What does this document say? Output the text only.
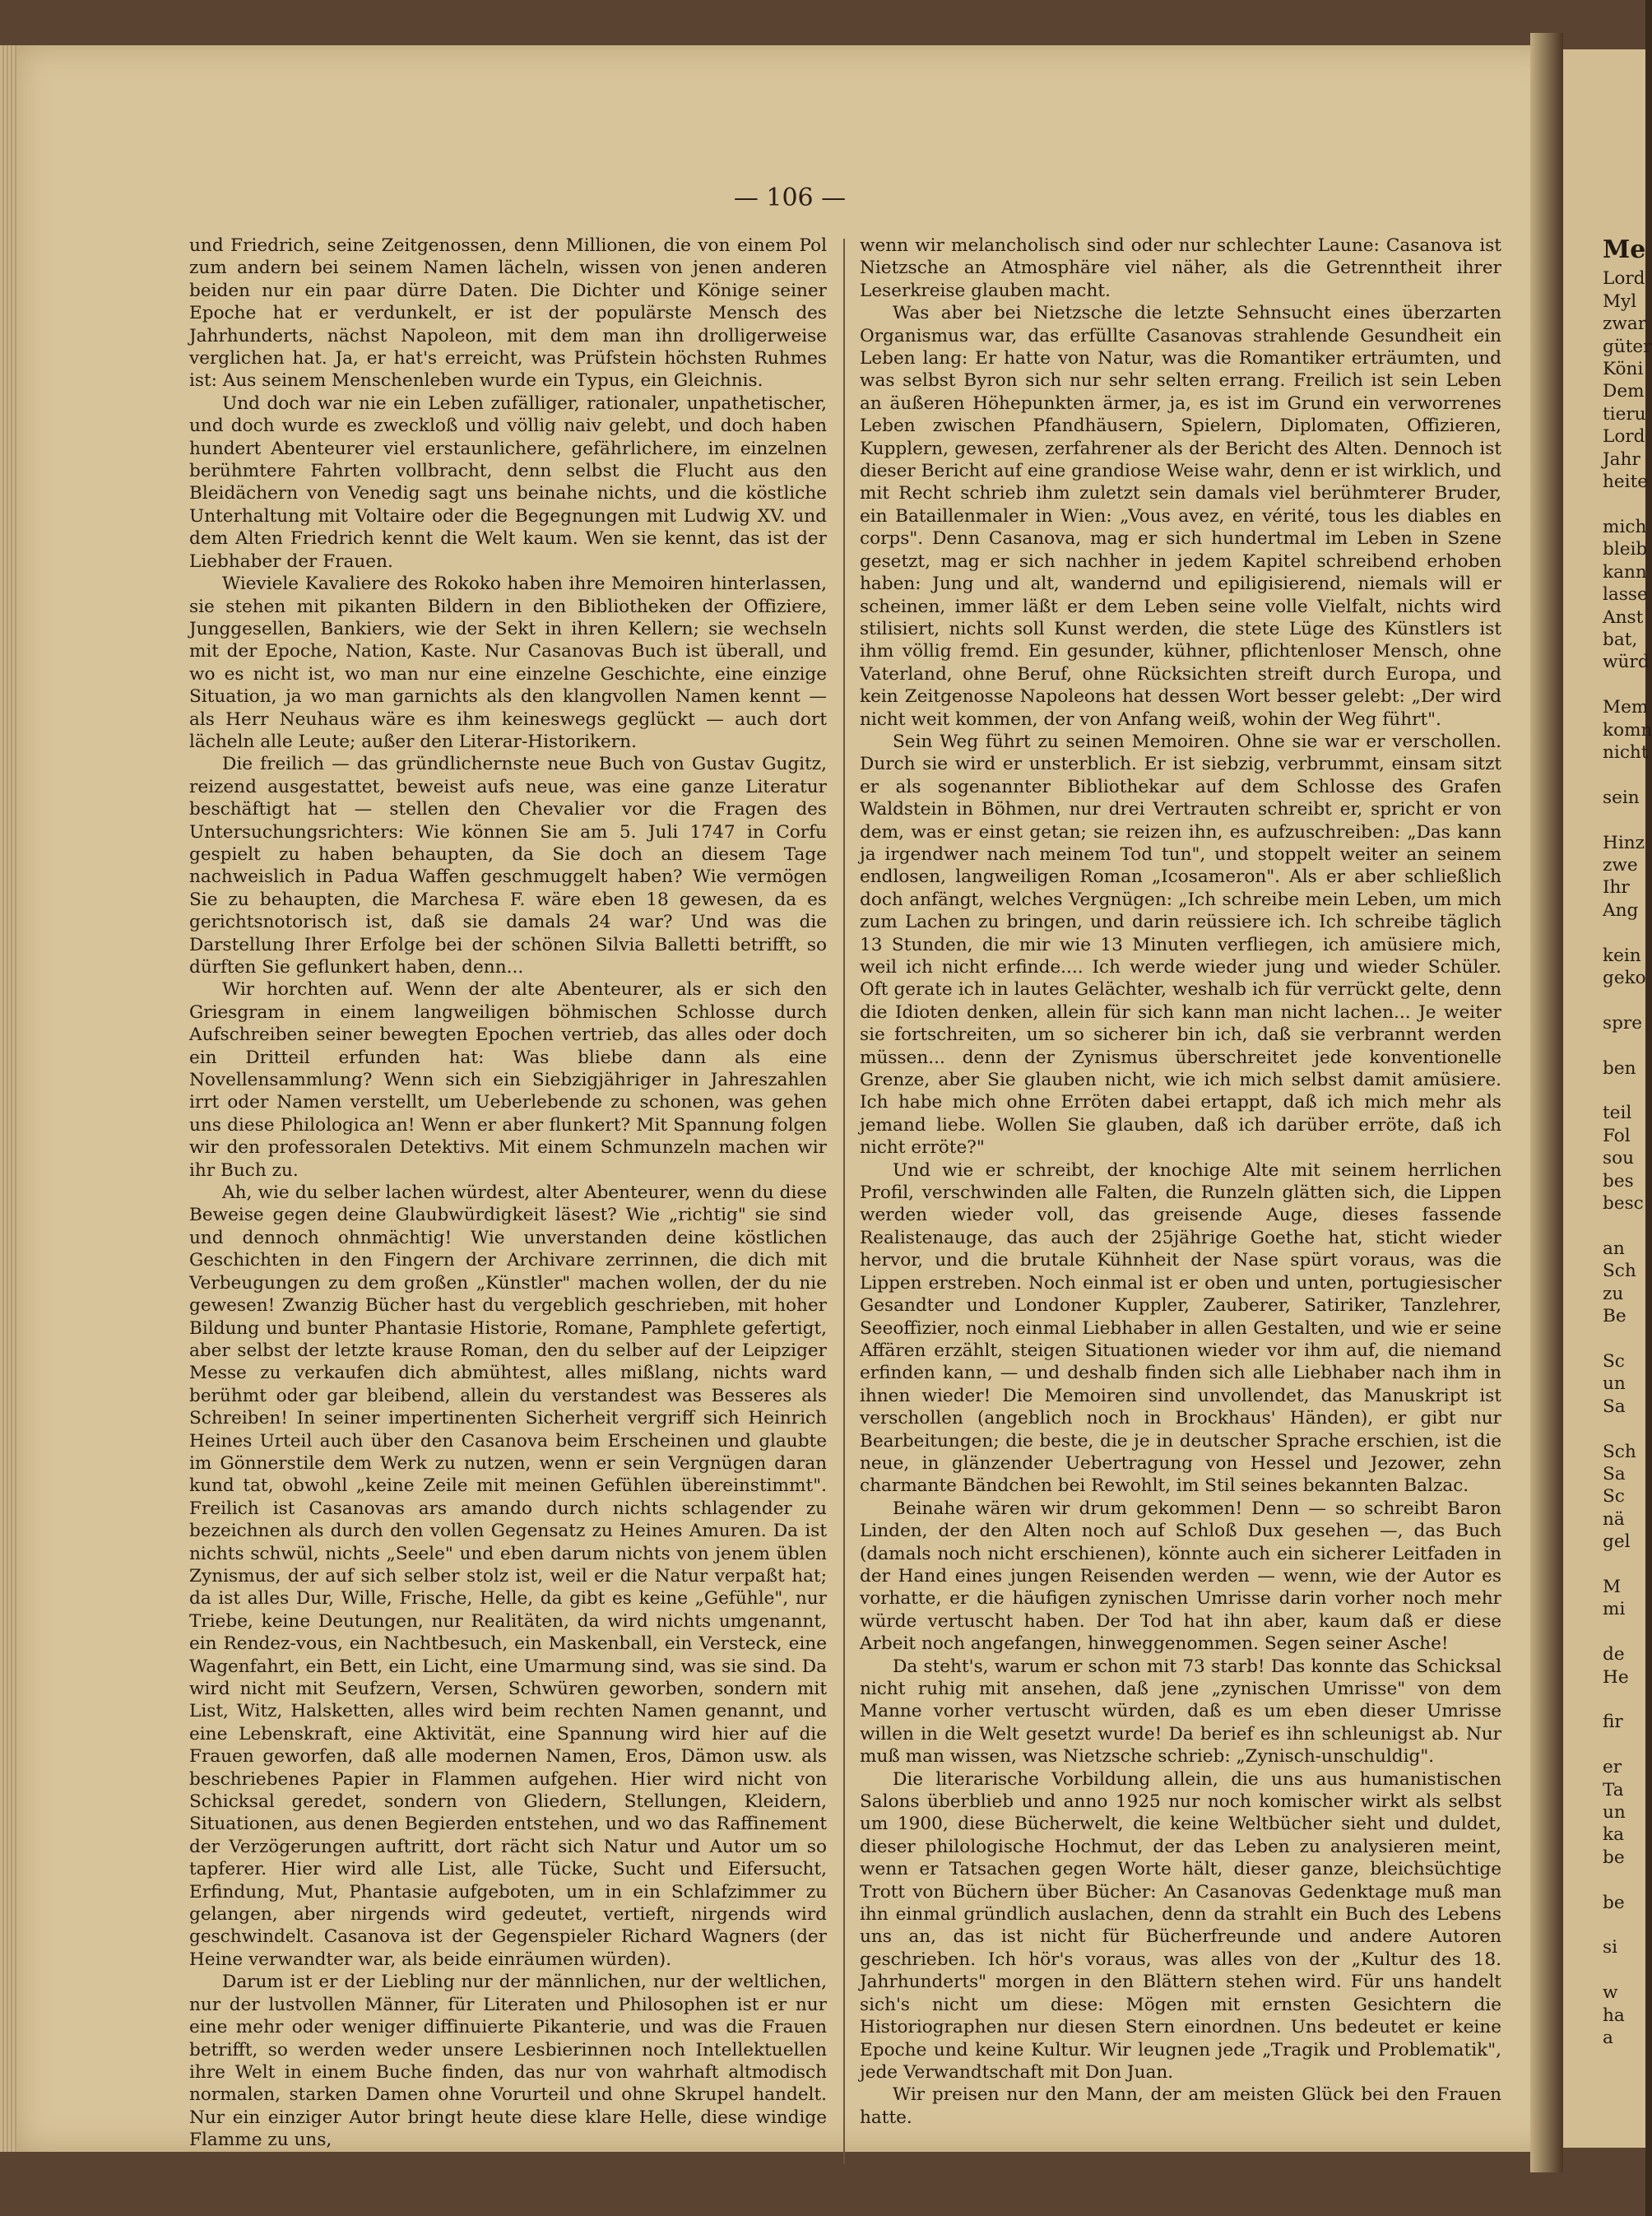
— 106 —

und Friedrich, seine Zeitgenossen, denn Millionen, die von einem Pol zum andern bei seinem Namen lächeln, wissen von jenen anderen beiden nur ein paar dürre Daten. Die Dichter und Könige seiner Epoche hat er verdunkelt, er ist der populärste Mensch des Jahrhunderts, nächst Napoleon, mit dem man ihn drolligerweise verglichen hat. Ja, er hat's erreicht, was Prüfstein höchsten Ruhmes ist: Aus seinem Menschenleben wurde ein Typus, ein Gleichnis.

Und doch war nie ein Leben zufälliger, rationaler, unpathetischer, und doch wurde es zweckloß und völlig naiv gelebt, und doch haben hundert Abenteurer viel erstaunlichere, gefährlichere, im einzelnen berühmtere Fahrten vollbracht, denn selbst die Flucht aus den Bleidächern von Venedig sagt uns beinahe nichts, und die köstliche Unterhaltung mit Voltaire oder die Begegnungen mit Ludwig XV. und dem Alten Friedrich kennt die Welt kaum. Wen sie kennt, das ist der Liebhaber der Frauen.

Wieviele Kavaliere des Rokoko haben ihre Memoiren hinterlassen, sie stehen mit pikanten Bildern in den Bibliotheken der Offiziere, Junggesellen, Bankiers, wie der Sekt in ihren Kellern; sie wechseln mit der Epoche, Nation, Kaste. Nur Casanovas Buch ist überall, und wo es nicht ist, wo man nur eine einzelne Geschichte, eine einzige Situation, ja wo man garnichts als den klangvollen Namen kennt — als Herr Neuhaus wäre es ihm keineswegs geglückt — auch dort lächeln alle Leute; außer den Literar-Historikern.

Die freilich — das gründlichernste neue Buch von Gustav Gugitz, reizend ausgestattet, beweist aufs neue, was eine ganze Literatur beschäftigt hat — stellen den Chevalier vor die Fragen des Untersuchungsrichters: Wie können Sie am 5. Juli 1747 in Corfu gespielt zu haben behaupten, da Sie doch an diesem Tage nachweislich in Padua Waffen geschmuggelt haben? Wie vermögen Sie zu behaupten, die Marchesa F. wäre eben 18 gewesen, da es gerichtsnotorisch ist, daß sie damals 24 war? Und was die Darstellung Ihrer Erfolge bei der schönen Silvia Balletti betrifft, so dürften Sie geflunkert haben, denn...

Wir horchten auf. Wenn der alte Abenteurer, als er sich den Griesgram in einem langweiligen böhmischen Schlosse durch Aufschreiben seiner bewegten Epochen vertrieb, das alles oder doch ein Dritteil erfunden hat: Was bliebe dann als eine Novellensammlung? Wenn sich ein Siebzigjähriger in Jahreszahlen irrt oder Namen verstellt, um Ueberlebende zu schonen, was gehen uns diese Philologica an! Wenn er aber flunkert? Mit Spannung folgen wir den professoralen Detektivs. Mit einem Schmunzeln machen wir ihr Buch zu.

Ah, wie du selber lachen würdest, alter Abenteurer, wenn du diese Beweise gegen deine Glaubwürdigkeit läsest? Wie „richtig" sie sind und dennoch ohnmächtig! Wie unverstanden deine köstlichen Geschichten in den Fingern der Archivare zerrinnen, die dich mit Verbeugungen zu dem großen „Künstler" machen wollen, der du nie gewesen! Zwanzig Bücher hast du vergeblich geschrieben, mit hoher Bildung und bunter Phantasie Historie, Romane, Pamphlete gefertigt, aber selbst der letzte krause Roman, den du selber auf der Leipziger Messe zu verkaufen dich abmühtest, alles mißlang, nichts ward berühmt oder gar bleibend, allein du verstandest was Besseres als Schreiben! In seiner impertinenten Sicherheit vergriff sich Heinrich Heines Urteil auch über den Casanova beim Erscheinen und glaubte im Gönnerstile dem Werk zu nutzen, wenn er sein Vergnügen daran kund tat, obwohl „keine Zeile mit meinen Gefühlen übereinstimmt". Freilich ist Casanovas ars amando durch nichts schlagender zu bezeichnen als durch den vollen Gegensatz zu Heines Amuren. Da ist nichts schwül, nichts „Seele" und eben darum nichts von jenem üblen Zynismus, der auf sich selber stolz ist, weil er die Natur verpaßt hat; da ist alles Dur, Wille, Frische, Helle, da gibt es keine „Gefühle", nur Triebe, keine Deutungen, nur Realitäten, da wird nichts umgenannt, ein Rendez-vous, ein Nachtbesuch, ein Maskenball, ein Versteck, eine Wagenfahrt, ein Bett, ein Licht, eine Umarmung sind, was sie sind. Da wird nicht mit Seufzern, Versen, Schwüren geworben, sondern mit List, Witz, Halsketten, alles wird beim rechten Namen genannt, und eine Lebenskraft, eine Aktivität, eine Spannung wird hier auf die Frauen geworfen, daß alle modernen Namen, Eros, Dämon usw. als beschriebenes Papier in Flammen aufgehen. Hier wird nicht von Schicksal geredet, sondern von Gliedern, Stellungen, Kleidern, Situationen, aus denen Begierden entstehen, und wo das Raffinement der Verzögerungen auftritt, dort rächt sich Natur und Autor um so tapferer. Hier wird alle List, alle Tücke, Sucht und Eifersucht, Erfindung, Mut, Phantasie aufgeboten, um in ein Schlafzimmer zu gelangen, aber nirgends wird gedeutet, vertieft, nirgends wird geschwindelt. Casanova ist der Gegenspieler Richard Wagners (der Heine verwandter war, als beide einräumen würden).

Darum ist er der Liebling nur der männlichen, nur der weltlichen, nur der lustvollen Männer, für Literaten und Philosophen ist er nur eine mehr oder weniger diffinuierte Pikanterie, und was die Frauen betrifft, so werden weder unsere Lesbierinnen noch Intellektuellen ihre Welt in einem Buche finden, das nur von wahrhaft altmodisch normalen, starken Damen ohne Vorurteil und ohne Skrupel handelt. Nur ein einziger Autor bringt heute diese klare Helle, diese windige Flamme zu uns,

wenn wir melancholisch sind oder nur schlechter Laune: Casanova ist Nietzsche an Atmosphäre viel näher, als die Getrenntheit ihrer Leserkreise glauben macht.

Was aber bei Nietzsche die letzte Sehnsucht eines überzarten Organismus war, das erfüllte Casanovas strahlende Gesundheit ein Leben lang: Er hatte von Natur, was die Romantiker erträumten, und was selbst Byron sich nur sehr selten errang. Freilich ist sein Leben an äußeren Höhepunkten ärmer, ja, es ist im Grund ein verworrenes Leben zwischen Pfandhäusern, Spielern, Diplomaten, Offizieren, Kupplern, gewesen, zerfahrener als der Bericht des Alten. Dennoch ist dieser Bericht auf eine grandiose Weise wahr, denn er ist wirklich, und mit Recht schrieb ihm zuletzt sein damals viel berühmterer Bruder, ein Bataillenmaler in Wien: „Vous avez, en vérité, tous les diables en corps". Denn Casanova, mag er sich hundertmal im Leben in Szene gesetzt, mag er sich nachher in jedem Kapitel schreibend erhoben haben: Jung und alt, wandernd und epiligisierend, niemals will er scheinen, immer läßt er dem Leben seine volle Vielfalt, nichts wird stilisiert, nichts soll Kunst werden, die stete Lüge des Künstlers ist ihm völlig fremd. Ein gesunder, kühner, pflichtenloser Mensch, ohne Vaterland, ohne Beruf, ohne Rücksichten streift durch Europa, und kein Zeitgenosse Napoleons hat dessen Wort besser gelebt: „Der wird nicht weit kommen, der von Anfang weiß, wohin der Weg führt".

Sein Weg führt zu seinen Memoiren. Ohne sie war er verschollen. Durch sie wird er unsterblich. Er ist siebzig, verbrummt, einsam sitzt er als sogenannter Bibliothekar auf dem Schlosse des Grafen Waldstein in Böhmen, nur drei Vertrauten schreibt er, spricht er von dem, was er einst getan; sie reizen ihn, es aufzuschreiben: „Das kann ja irgendwer nach meinem Tod tun", und stoppelt weiter an seinem endlosen, langweiligen Roman „Icosameron". Als er aber schließlich doch anfängt, welches Vergnügen: „Ich schreibe mein Leben, um mich zum Lachen zu bringen, und darin reüssiere ich. Ich schreibe täglich 13 Stunden, die mir wie 13 Minuten verfliegen, ich amüsiere mich, weil ich nicht erfinde.... Ich werde wieder jung und wieder Schüler. Oft gerate ich in lautes Gelächter, weshalb ich für verrückt gelte, denn die Idioten denken, allein für sich kann man nicht lachen... Je weiter sie fortschreiten, um so sicherer bin ich, daß sie verbrannt werden müssen... denn der Zynismus überschreitet jede konventionelle Grenze, aber Sie glauben nicht, wie ich mich selbst damit amüsiere. Ich habe mich ohne Erröten dabei ertappt, daß ich mich mehr als jemand liebe. Wollen Sie glauben, daß ich darüber erröte, daß ich nicht erröte?"

Und wie er schreibt, der knochige Alte mit seinem herrlichen Profil, verschwinden alle Falten, die Runzeln glätten sich, die Lippen werden wieder voll, das greisende Auge, dieses fassende Realistenauge, das auch der 25jährige Goethe hat, sticht wieder hervor, und die brutale Kühnheit der Nase spürt voraus, was die Lippen erstreben. Noch einmal ist er oben und unten, portugiesischer Gesandter und Londoner Kuppler, Zauberer, Satiriker, Tanzlehrer, Seeoffizier, noch einmal Liebhaber in allen Gestalten, und wie er seine Affären erzählt, steigen Situationen wieder vor ihm auf, die niemand erfinden kann, — und deshalb finden sich alle Liebhaber nach ihm in ihnen wieder! Die Memoiren sind unvollendet, das Manuskript ist verschollen (angeblich noch in Brockhaus' Händen), er gibt nur Bearbeitungen; die beste, die je in deutscher Sprache erschien, ist die neue, in glänzender Uebertragung von Hessel und Jezower, zehn charmante Bändchen bei Rewohlt, im Stil seines bekannten Balzac.

Beinahe wären wir drum gekommen! Denn — so schreibt Baron Linden, der den Alten noch auf Schloß Dux gesehen —, das Buch (damals noch nicht erschienen), könnte auch ein sicherer Leitfaden in der Hand eines jungen Reisenden werden — wenn, wie der Autor es vorhatte, er die häufigen zynischen Umrisse darin vorher noch mehr würde vertuscht haben. Der Tod hat ihn aber, kaum daß er diese Arbeit noch angefangen, hinweggenommen. Segen seiner Asche!

Da steht's, warum er schon mit 73 starb! Das konnte das Schicksal nicht ruhig mit ansehen, daß jene „zynischen Umrisse" von dem Manne vorher vertuscht würden, daß es um eben dieser Umrisse willen in die Welt gesetzt wurde! Da berief es ihn schleunigst ab. Nur muß man wissen, was Nietzsche schrieb: „Zynisch-unschuldig".

Die literarische Vorbildung allein, die uns aus humanistischen Salons überblieb und anno 1925 nur noch komischer wirkt als selbst um 1900, diese Bücherwelt, die keine Weltbücher sieht und duldet, dieser philologische Hochmut, der das Leben zu analysieren meint, wenn er Tatsachen gegen Worte hält, dieser ganze, bleichsüchtige Trott von Büchern über Bücher: An Casanovas Gedenktage muß man ihn einmal gründlich auslachen, denn da strahlt ein Buch des Lebens uns an, das ist nicht für Bücherfreunde und andere Autoren geschrieben. Ich hör's voraus, was alles von der „Kultur des 18. Jahrhunderts" morgen in den Blättern stehen wird. Für uns handelt sich's nicht um diese: Mögen mit ernsten Gesichtern die Historiographen nur diesen Stern einordnen. Uns bedeutet er keine Epoche und keine Kultur. Wir leugnen jede „Tragik und Problematik", jede Verwandtschaft mit Don Juan.

Wir preisen nur den Mann, der am meisten Glück bei den Frauen hatte.

Me
Lord
Myl
zwar
güter
Köni
Dem
tieru
Lord
Jahr
heite

mich
bleib
kann
lasse
Anst
bat,
würd

Mem
komn
nicht

sein

Hinz
zwe
Ihr
Ang

kein
geko

spre

ben

teil
Fol
sou
bes
besc

an
Sch
zu
Be

Sc
un
Sa

Sch
Sa
Sc
nä
gel

M
mi

de
He

fir

er
Ta
un
ka
be

be

si

w
ha
a
